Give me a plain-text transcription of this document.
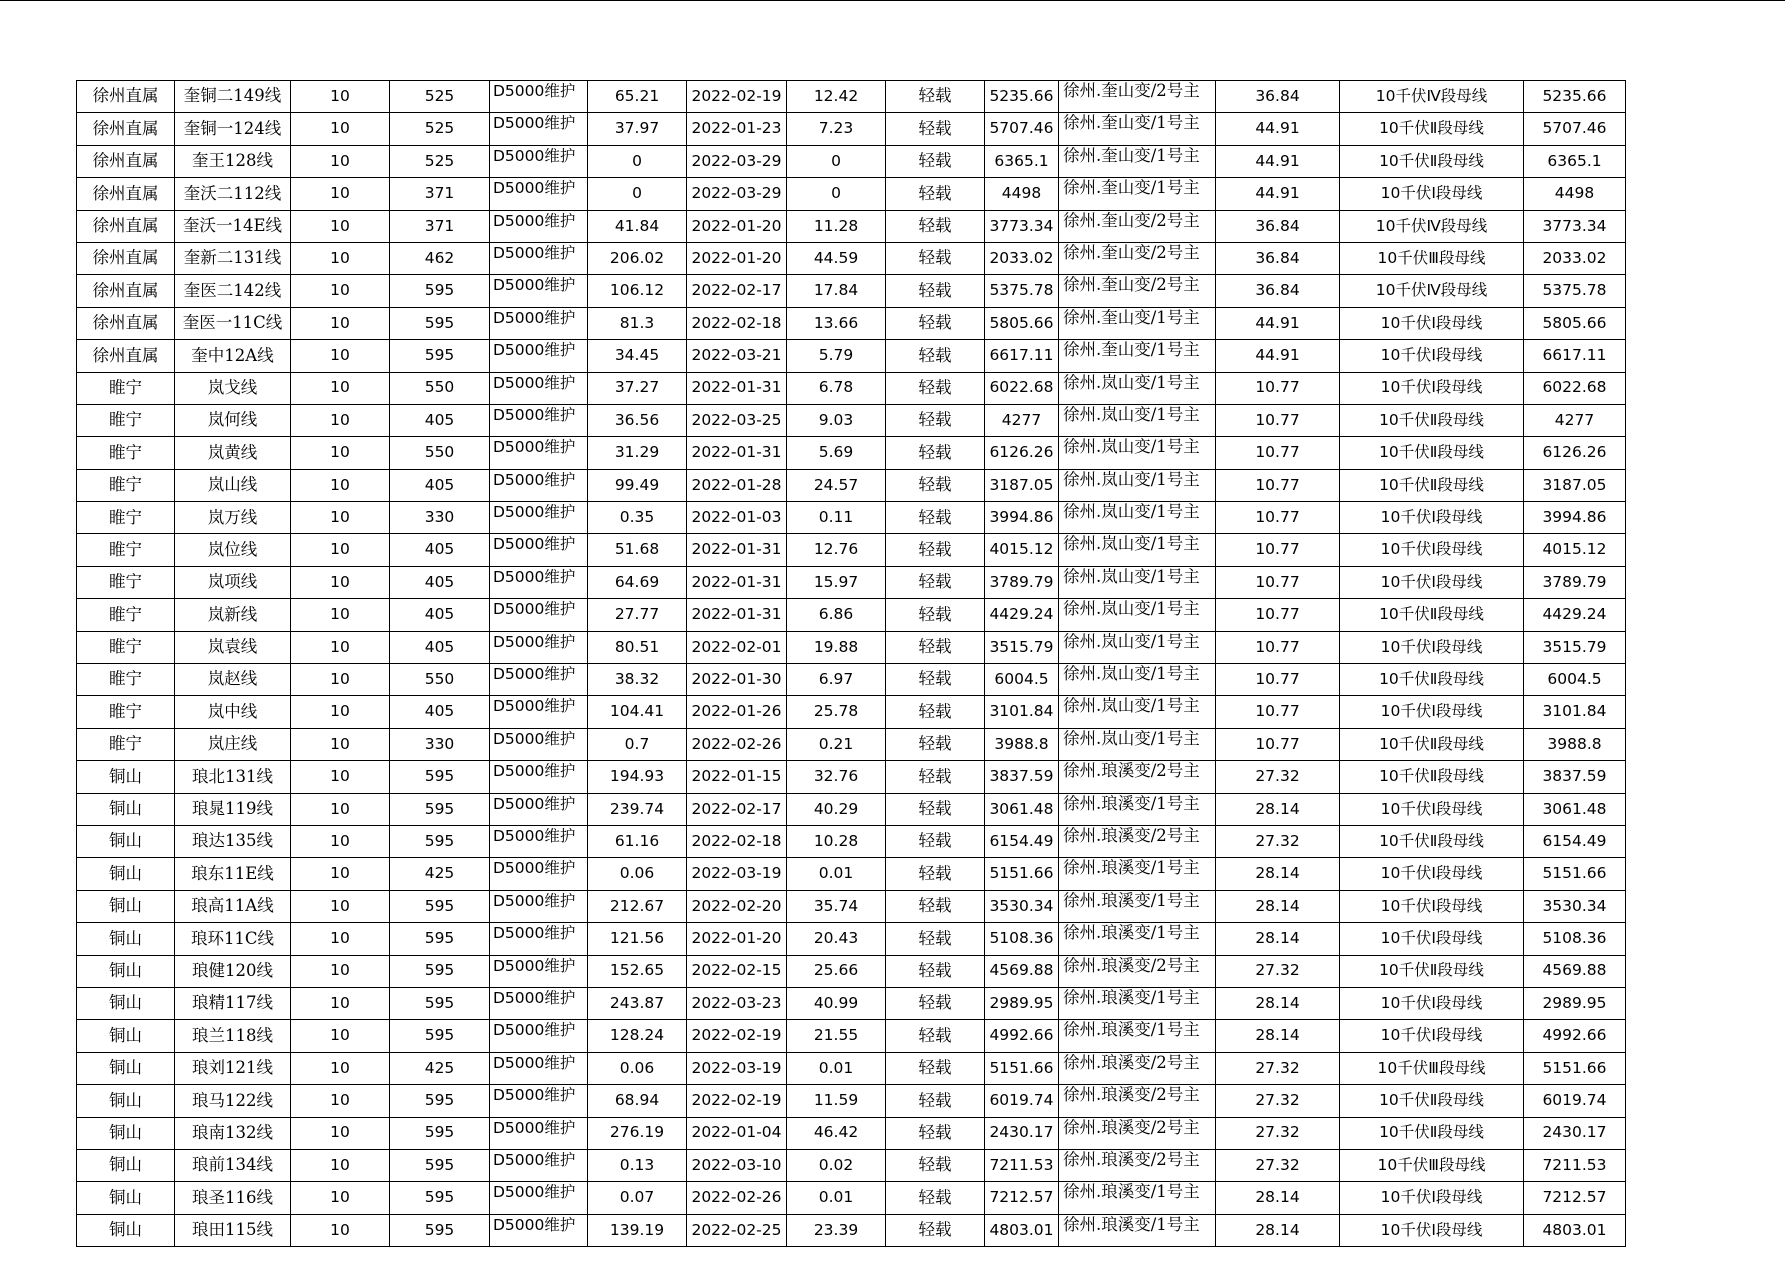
徐州直属	奎铜二149线	10	525	D5000维护	65.21	2022-02-19	12.42	轻载	5235.66	徐州.奎山变/2号主	36.84	10千伏Ⅳ段母线	5235.66
徐州直属	奎铜一124线	10	525	D5000维护	37.97	2022-01-23	7.23	轻载	5707.46	徐州.奎山变/1号主	44.91	10千伏Ⅱ段母线	5707.46
徐州直属	奎王128线	10	525	D5000维护	0	2022-03-29	0	轻载	6365.1	徐州.奎山变/1号主	44.91	10千伏Ⅱ段母线	6365.1
徐州直属	奎沃二112线	10	371	D5000维护	0	2022-03-29	0	轻载	4498	徐州.奎山变/1号主	44.91	10千伏Ⅰ段母线	4498
徐州直属	奎沃一14E线	10	371	D5000维护	41.84	2022-01-20	11.28	轻载	3773.34	徐州.奎山变/2号主	36.84	10千伏Ⅳ段母线	3773.34
徐州直属	奎新二131线	10	462	D5000维护	206.02	2022-01-20	44.59	轻载	2033.02	徐州.奎山变/2号主	36.84	10千伏Ⅲ段母线	2033.02
徐州直属	奎医二142线	10	595	D5000维护	106.12	2022-02-17	17.84	轻载	5375.78	徐州.奎山变/2号主	36.84	10千伏Ⅳ段母线	5375.78
徐州直属	奎医一11C线	10	595	D5000维护	81.3	2022-02-18	13.66	轻载	5805.66	徐州.奎山变/1号主	44.91	10千伏Ⅰ段母线	5805.66
徐州直属	奎中12A线	10	595	D5000维护	34.45	2022-03-21	5.79	轻载	6617.11	徐州.奎山变/1号主	44.91	10千伏Ⅰ段母线	6617.11
睢宁	岚戈线	10	550	D5000维护	37.27	2022-01-31	6.78	轻载	6022.68	徐州.岚山变/1号主	10.77	10千伏Ⅰ段母线	6022.68
睢宁	岚何线	10	405	D5000维护	36.56	2022-03-25	9.03	轻载	4277	徐州.岚山变/1号主	10.77	10千伏Ⅱ段母线	4277
睢宁	岚黄线	10	550	D5000维护	31.29	2022-01-31	5.69	轻载	6126.26	徐州.岚山变/1号主	10.77	10千伏Ⅱ段母线	6126.26
睢宁	岚山线	10	405	D5000维护	99.49	2022-01-28	24.57	轻载	3187.05	徐州.岚山变/1号主	10.77	10千伏Ⅱ段母线	3187.05
睢宁	岚万线	10	330	D5000维护	0.35	2022-01-03	0.11	轻载	3994.86	徐州.岚山变/1号主	10.77	10千伏Ⅰ段母线	3994.86
睢宁	岚位线	10	405	D5000维护	51.68	2022-01-31	12.76	轻载	4015.12	徐州.岚山变/1号主	10.77	10千伏Ⅰ段母线	4015.12
睢宁	岚项线	10	405	D5000维护	64.69	2022-01-31	15.97	轻载	3789.79	徐州.岚山变/1号主	10.77	10千伏Ⅰ段母线	3789.79
睢宁	岚新线	10	405	D5000维护	27.77	2022-01-31	6.86	轻载	4429.24	徐州.岚山变/1号主	10.77	10千伏Ⅱ段母线	4429.24
睢宁	岚袁线	10	405	D5000维护	80.51	2022-02-01	19.88	轻载	3515.79	徐州.岚山变/1号主	10.77	10千伏Ⅰ段母线	3515.79
睢宁	岚赵线	10	550	D5000维护	38.32	2022-01-30	6.97	轻载	6004.5	徐州.岚山变/1号主	10.77	10千伏Ⅱ段母线	6004.5
睢宁	岚中线	10	405	D5000维护	104.41	2022-01-26	25.78	轻载	3101.84	徐州.岚山变/1号主	10.77	10千伏Ⅰ段母线	3101.84
睢宁	岚庄线	10	330	D5000维护	0.7	2022-02-26	0.21	轻载	3988.8	徐州.岚山变/1号主	10.77	10千伏Ⅱ段母线	3988.8
铜山	琅北131线	10	595	D5000维护	194.93	2022-01-15	32.76	轻载	3837.59	徐州.琅溪变/2号主	27.32	10千伏Ⅱ段母线	3837.59
铜山	琅晁119线	10	595	D5000维护	239.74	2022-02-17	40.29	轻载	3061.48	徐州.琅溪变/1号主	28.14	10千伏Ⅰ段母线	3061.48
铜山	琅达135线	10	595	D5000维护	61.16	2022-02-18	10.28	轻载	6154.49	徐州.琅溪变/2号主	27.32	10千伏Ⅱ段母线	6154.49
铜山	琅东11E线	10	425	D5000维护	0.06	2022-03-19	0.01	轻载	5151.66	徐州.琅溪变/1号主	28.14	10千伏Ⅰ段母线	5151.66
铜山	琅高11A线	10	595	D5000维护	212.67	2022-02-20	35.74	轻载	3530.34	徐州.琅溪变/1号主	28.14	10千伏Ⅰ段母线	3530.34
铜山	琅环11C线	10	595	D5000维护	121.56	2022-01-20	20.43	轻载	5108.36	徐州.琅溪变/1号主	28.14	10千伏Ⅰ段母线	5108.36
铜山	琅健120线	10	595	D5000维护	152.65	2022-02-15	25.66	轻载	4569.88	徐州.琅溪变/2号主	27.32	10千伏Ⅱ段母线	4569.88
铜山	琅精117线	10	595	D5000维护	243.87	2022-03-23	40.99	轻载	2989.95	徐州.琅溪变/1号主	28.14	10千伏Ⅰ段母线	2989.95
铜山	琅兰118线	10	595	D5000维护	128.24	2022-02-19	21.55	轻载	4992.66	徐州.琅溪变/1号主	28.14	10千伏Ⅰ段母线	4992.66
铜山	琅刘121线	10	425	D5000维护	0.06	2022-03-19	0.01	轻载	5151.66	徐州.琅溪变/2号主	27.32	10千伏Ⅲ段母线	5151.66
铜山	琅马122线	10	595	D5000维护	68.94	2022-02-19	11.59	轻载	6019.74	徐州.琅溪变/2号主	27.32	10千伏Ⅱ段母线	6019.74
铜山	琅南132线	10	595	D5000维护	276.19	2022-01-04	46.42	轻载	2430.17	徐州.琅溪变/2号主	27.32	10千伏Ⅱ段母线	2430.17
铜山	琅前134线	10	595	D5000维护	0.13	2022-03-10	0.02	轻载	7211.53	徐州.琅溪变/2号主	27.32	10千伏Ⅲ段母线	7211.53
铜山	琅圣116线	10	595	D5000维护	0.07	2022-02-26	0.01	轻载	7212.57	徐州.琅溪变/1号主	28.14	10千伏Ⅰ段母线	7212.57
铜山	琅田115线	10	595	D5000维护	139.19	2022-02-25	23.39	轻载	4803.01	徐州.琅溪变/1号主	28.14	10千伏Ⅰ段母线	4803.01
